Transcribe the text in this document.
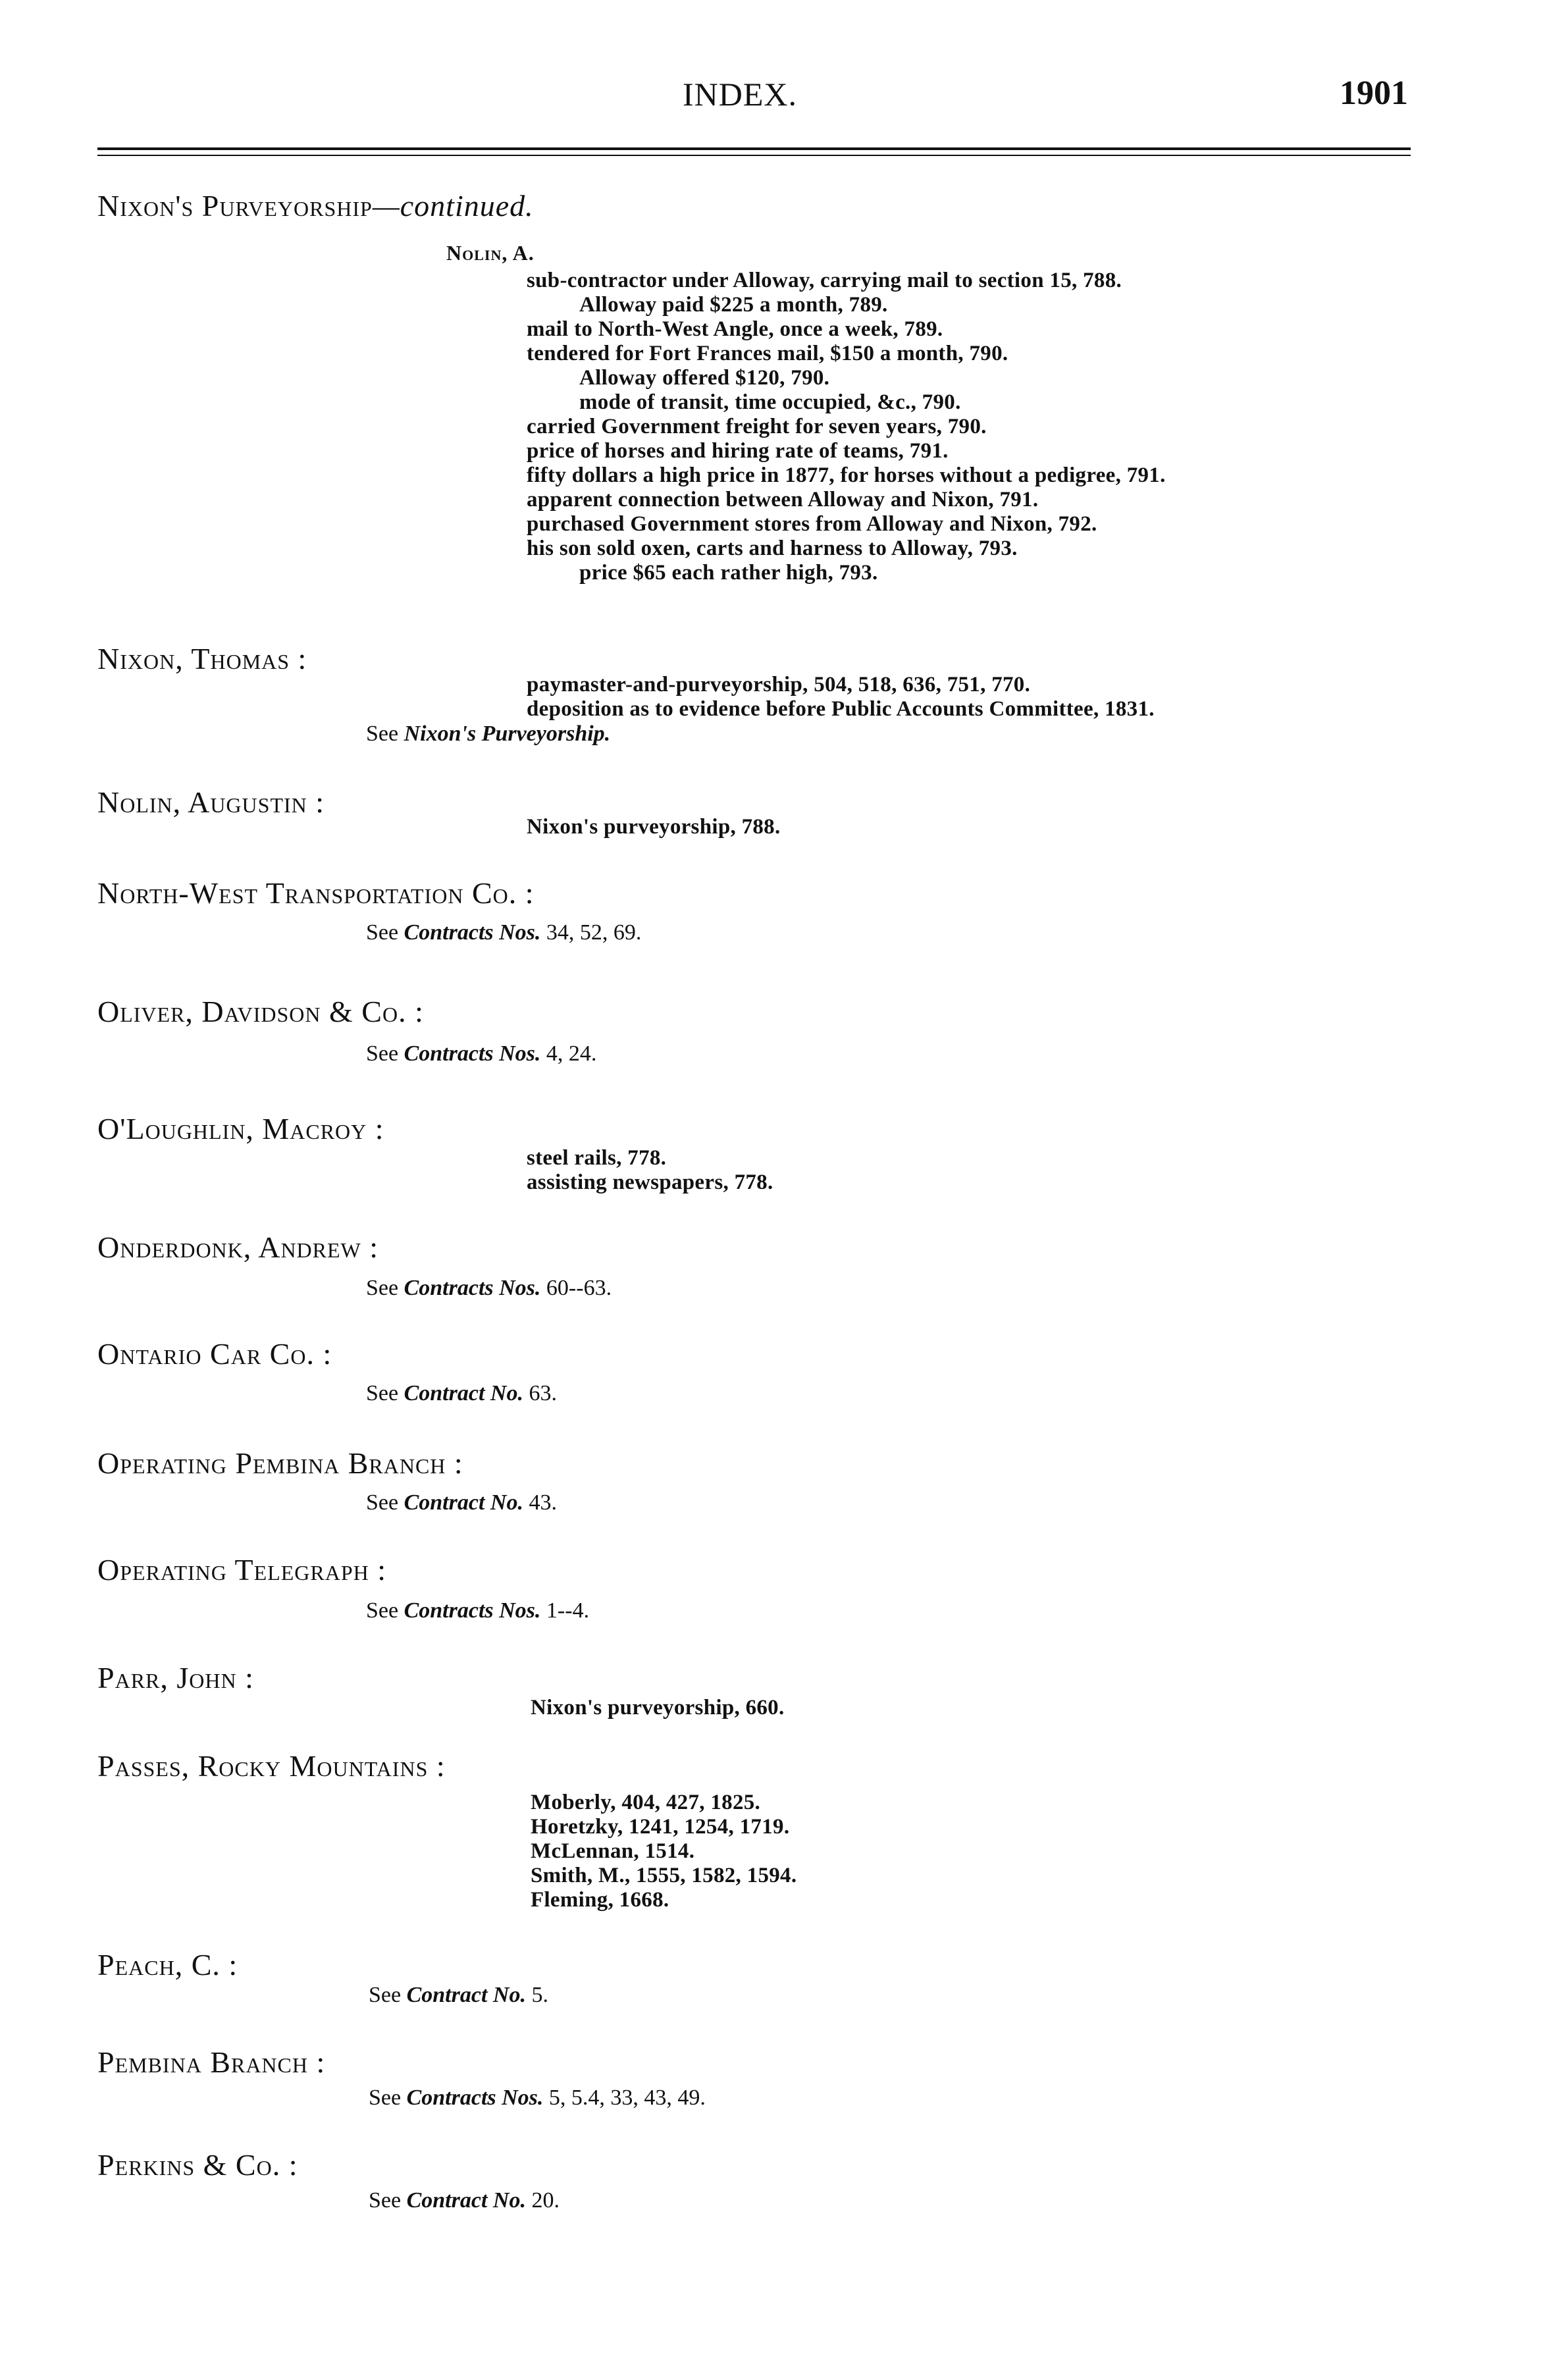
INDEX.	1901
Nixon's Purveyorship—continued.
Nolin, A.
sub-contractor under Alloway, carrying mail to section 15, 788.
Alloway paid $225 a month, 789.
mail to North-West Angle, once a week, 789.
tendered for Fort Frances mail, $150 a month, 790.
Alloway offered $120, 790.
mode of transit, time occupied, &c., 790.
carried Government freight for seven years, 790.
price of horses and hiring rate of teams, 791.
fifty dollars a high price in 1877, for horses without a pedigree, 791.
apparent connection between Alloway and Nixon, 791.
purchased Government stores from Alloway and Nixon, 792.
his son sold oxen, carts and harness to Alloway, 793.
price $65 each rather high, 793.
Nixon, Thomas :
paymaster-and-purveyorship, 504, 518, 636, 751, 770.
deposition as to evidence before Public Accounts Committee, 1831.
See Nixon's Purveyorship.
Nolin, Augustin :
Nixon's purveyorship, 788.
North-West Transportation Co. :
See Contracts Nos. 34, 52, 69.
Oliver, Davidson & Co. :
See Contracts Nos. 4, 24.
O'Loughlin, Macroy :
steel rails, 778.
assisting newspapers, 778.
Onderdonk, Andrew :
See Contracts Nos. 60--63.
Ontario Car Co. :
See Contract No. 63.
Operating Pembina Branch :
See Contract No. 43.
Operating Telegraph :
See Contracts Nos. 1--4.
Parr, John :
Nixon's purveyorship, 660.
Passes, Rocky Mountains :
Moberly, 404, 427, 1825.
Horetzky, 1241, 1254, 1719.
McLennan, 1514.
Smith, M., 1555, 1582, 1594.
Fleming, 1668.
Peach, C. :
See Contract No. 5.
Pembina Branch :
See Contracts Nos. 5, 5.4, 33, 43, 49.
Perkins & Co. :
See Contract No. 20.
